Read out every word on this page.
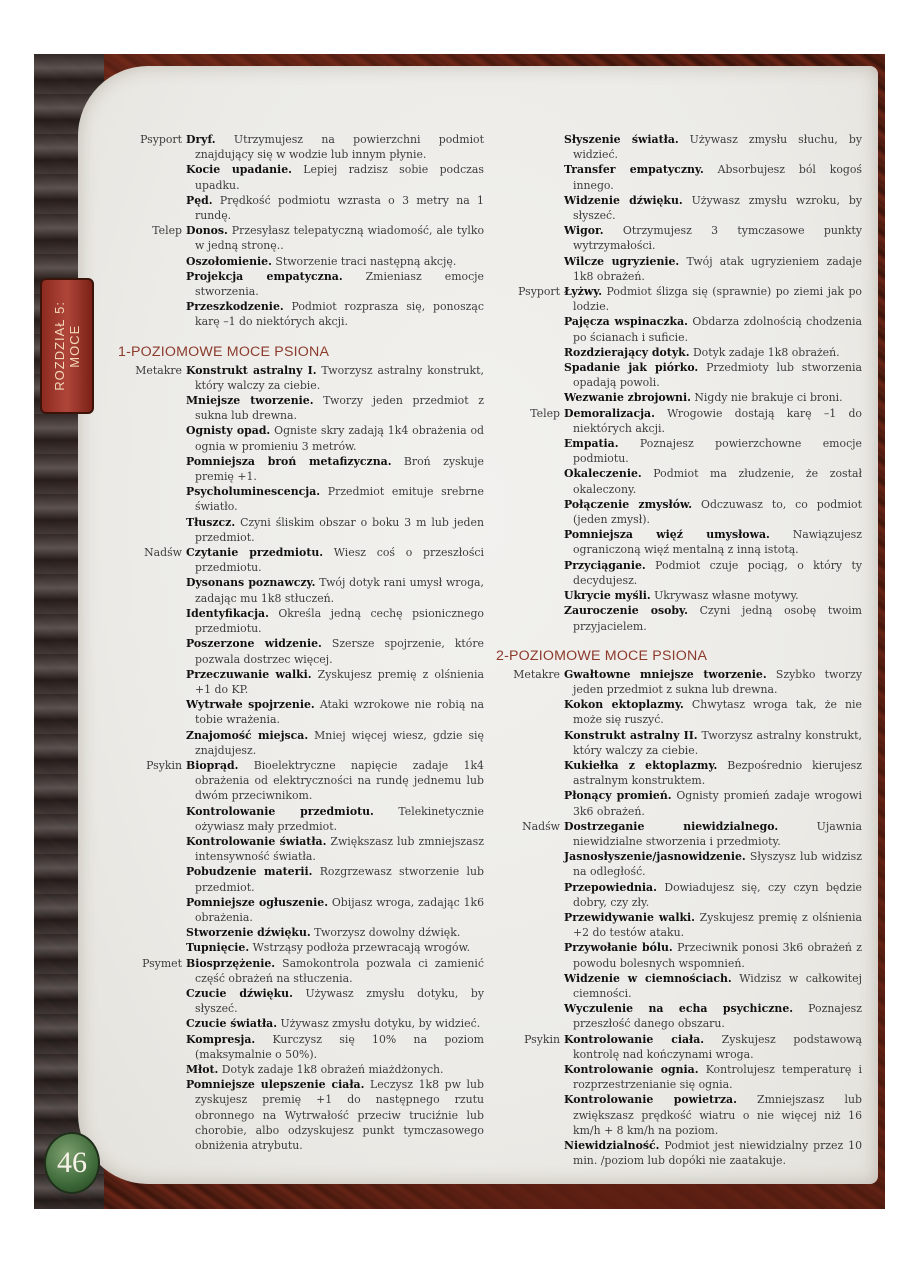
ROZDZIAŁ 5:
MOCE
Psyport Dryf. Utrzymujesz na powierzchni podmiot znajdujący się w wodzie lub innym płynie.

Kocie upadanie. Lepiej radzisz sobie podczas upadku.

Pęd. Prędkość podmiotu wzrasta o 3 metry na 1 rundę.

Telep Donos. Przesyłasz telepatyczną wiadomość, ale tylko w jedną stronę..

Oszołomienie. Stworzenie traci następną akcję.

Projekcja empatyczna. Zmieniasz emocje stworzenia.

Przeszkodzenie. Podmiot rozprasza się, ponosząc karę –1 do niektórych akcji.

1-POZIOMOWE MOCE PSIONA
Metakre Konstrukt astralny I. Tworzysz astralny konstrukt, który walczy za ciebie.

Mniejsze tworzenie. Tworzy jeden przedmiot z sukna lub drewna.

Ognisty opad. Ogniste skry zadają 1k4 obrażenia od ognia w promieniu 3 metrów.

Pomniejsza broń metafizyczna. Broń zyskuje premię +1.

Psycholuminescencja. Przedmiot emituje srebrne światło.

Tłuszcz. Czyni śliskim obszar o boku 3 m lub jeden przedmiot.

Nadśw Czytanie przedmiotu. Wiesz coś o przeszłości przedmiotu.

Dysonans poznawczy. Twój dotyk rani umysł wroga, zadając mu 1k8 stłuczeń.

Identyfikacja. Określa jedną cechę psionicznego przedmiotu.

Poszerzone widzenie. Szersze spojrzenie, które pozwala dostrzec więcej.

Przeczuwanie walki. Zyskujesz premię z olśnienia +1 do KP.

Wytrwałe spojrzenie. Ataki wzrokowe nie robią na tobie wrażenia.

Znajomość miejsca. Mniej więcej wiesz, gdzie się znajdujesz.

Psykin Bioprąd. Bioelektryczne napięcie zadaje 1k4 obrażenia od elektryczności na rundę jednemu lub dwóm przeciwnikom.

Kontrolowanie przedmiotu. Telekinetycznie ożywiasz mały przedmiot.

Kontrolowanie światła. Zwiększasz lub zmniejszasz intensywność światła.

Pobudzenie materii. Rozgrzewasz stworzenie lub przedmiot.

Pomniejsze ogłuszenie. Obijasz wroga, zadając 1k6 obrażenia.

Stworzenie dźwięku. Tworzysz dowolny dźwięk.

Tupnięcie. Wstrząsy podłoża przewracają wrogów.

Psymet Biosprzężenie. Samokontrola pozwala ci zamienić część obrażeń na stłuczenia.

Czucie dźwięku. Używasz zmysłu dotyku, by słyszeć.

Czucie światła. Używasz zmysłu dotyku, by widzieć.

Kompresja. Kurczysz się 10% na poziom (maksymalnie o 50%).

Młot. Dotyk zadaje 1k8 obrażeń miażdżonych.

Pomniejsze ulepszenie ciała. Leczysz 1k8 pw lub zyskujesz premię +1 do następnego rzutu obronnego na Wytrwałość przeciw truciźnie lub chorobie, albo odzyskujesz punkt tymczasowego obniżenia atrybutu.

Słyszenie światła. Używasz zmysłu słuchu, by widzieć.

Transfer empatyczny. Absorbujesz ból kogoś innego.

Widzenie dźwięku. Używasz zmysłu wzroku, by słyszeć.

Wigor. Otrzymujesz 3 tymczasowe punkty wytrzymałości.

Wilcze ugryzienie. Twój atak ugryzieniem zadaje 1k8 obrażeń.

Psyport Łyżwy. Podmiot ślizga się (sprawnie) po ziemi jak po lodzie.

Pajęcza wspinaczka. Obdarza zdolnością chodzenia po ścianach i suficie.

Rozdzierający dotyk. Dotyk zadaje 1k8 obrażeń.

Spadanie jak piórko. Przedmioty lub stworzenia opadają powoli.

Wezwanie zbrojowni. Nigdy nie brakuje ci broni.

Telep Demoralizacja. Wrogowie dostają karę –1 do niektórych akcji.

Empatia. Poznajesz powierzchowne emocje podmiotu.

Okaleczenie. Podmiot ma złudzenie, że został okaleczony.

Połączenie zmysłów. Odczuwasz to, co podmiot (jeden zmysł).

Pomniejsza więź umysłowa. Nawiązujesz ograniczoną więź mentalną z inną istotą.

Przyciąganie. Podmiot czuje pociąg, o który ty decydujesz.

Ukrycie myśli. Ukrywasz własne motywy.

Zauroczenie osoby. Czyni jedną osobę twoim przyjacielem.

2-POZIOMOWE MOCE PSIONA
Metakre Gwałtowne mniejsze tworzenie. Szybko tworzy jeden przedmiot z sukna lub drewna.

Kokon ektoplazmy. Chwytasz wroga tak, że nie może się ruszyć.

Konstrukt astralny II. Tworzysz astralny konstrukt, który walczy za ciebie.

Kukiełka z ektoplazmy. Bezpośrednio kierujesz astralnym konstruktem.

Płonący promień. Ognisty promień zadaje wrogowi 3k6 obrażeń.

Nadśw Dostrzeganie niewidzialnego. Ujawnia niewidzialne stworzenia i przedmioty.

Jasnosłyszenie/jasnowidzenie. Słyszysz lub widzisz na odległość.

Przepowiednia. Dowiadujesz się, czy czyn będzie dobry, czy zły.

Przewidywanie walki. Zyskujesz premię z olśnienia +2 do testów ataku.

Przywołanie bólu. Przeciwnik ponosi 3k6 obrażeń z powodu bolesnych wspomnień.

Widzenie w ciemnościach. Widzisz w całkowitej ciemności.

Wyczulenie na echa psychiczne. Poznajesz przeszłość danego obszaru.

Psykin Kontrolowanie ciała. Zyskujesz podstawową kontrolę nad kończynami wroga.

Kontrolowanie ognia. Kontrolujesz temperaturę i rozprzestrzenianie się ognia.

Kontrolowanie powietrza. Zmniejszasz lub zwiększasz prędkość wiatru o nie więcej niż 16 km/h + 8 km/h na poziom.

Niewidzialność. Podmiot jest niewidzialny przez 10 min. /poziom lub dopóki nie zaatakuje.

46
